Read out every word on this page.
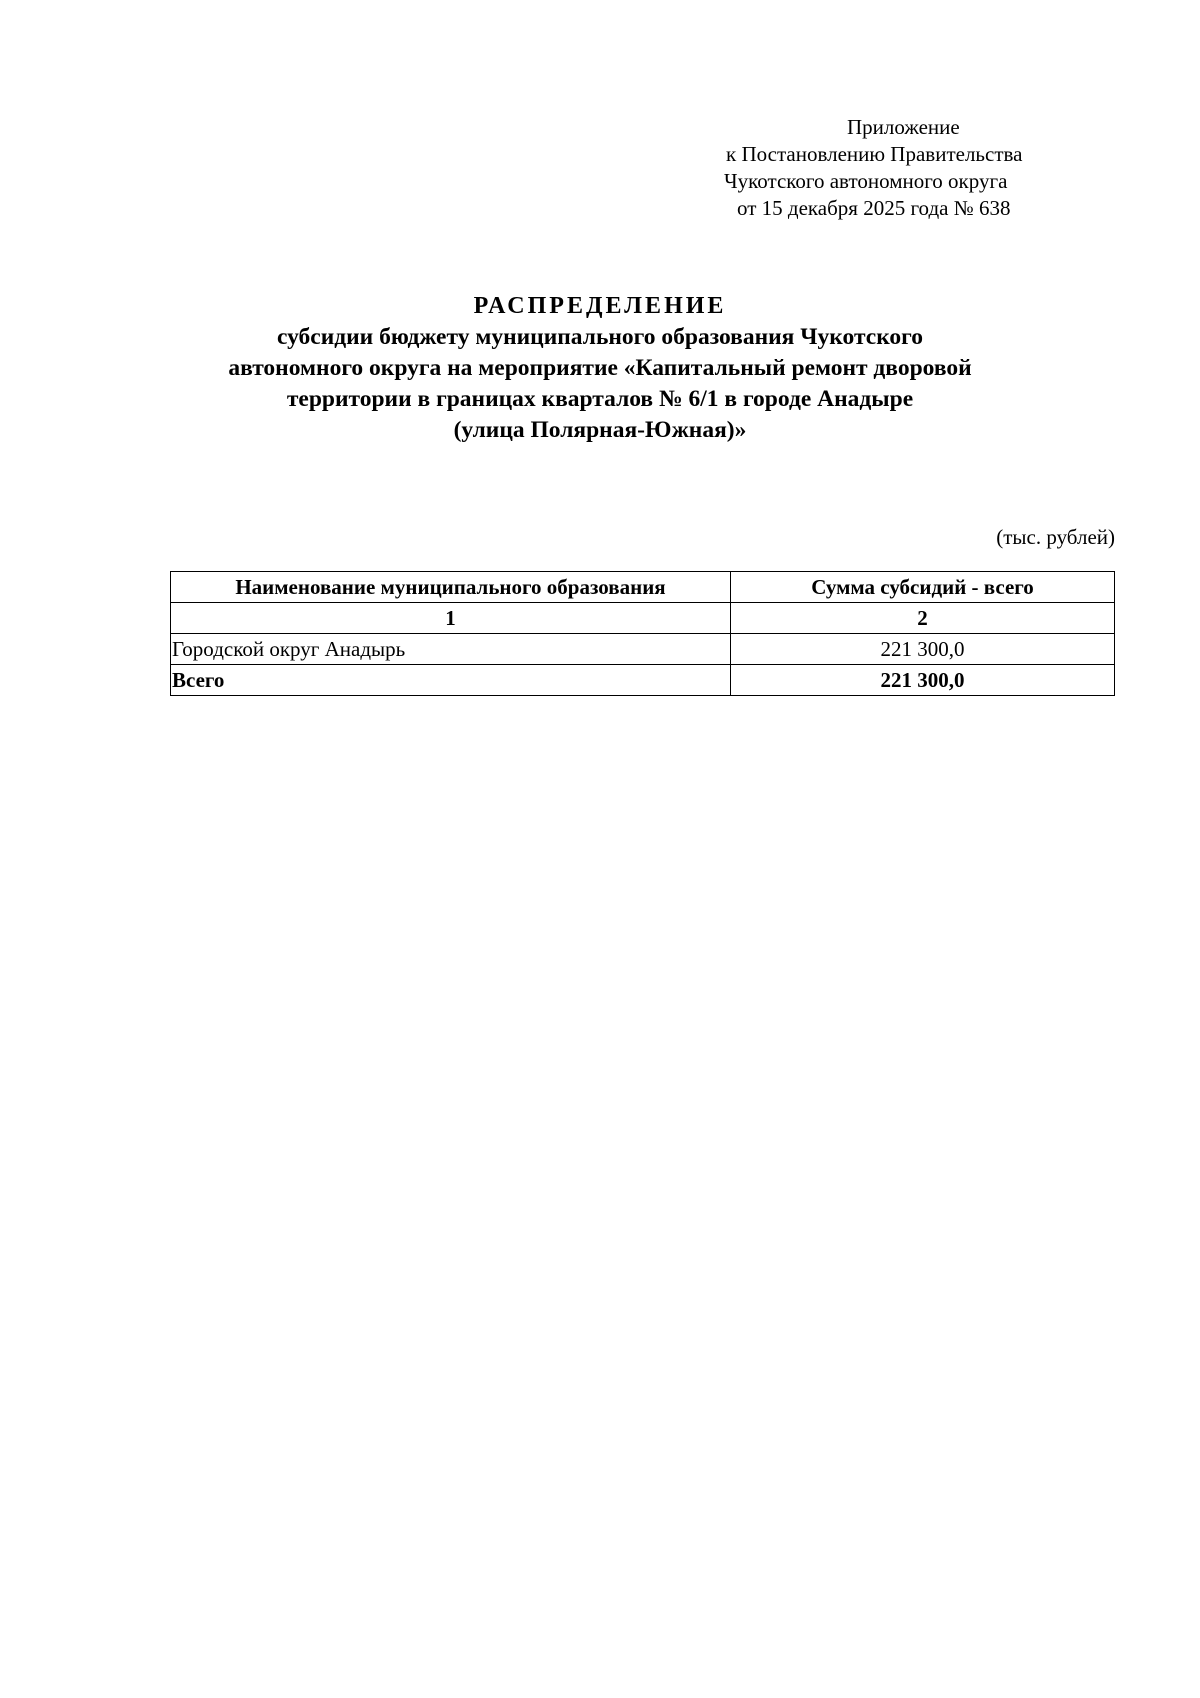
Приложение
к Постановлению Правительства
Чукотского автономного округа
от 15 декабря 2025 года № 638
РАСПРЕДЕЛЕНИЕ
субсидии бюджету муниципального образования Чукотского
автономного округа на мероприятие «Капитальный ремонт дворовой
территории в границах кварталов № 6/1 в городе Анадыре
(улица Полярная-Южная)»
(тыс. рублей)
Наименование муниципального образования	Сумма субсидий - всего
1	2
Городской округ Анадырь	221 300,0
Всего	221 300,0
